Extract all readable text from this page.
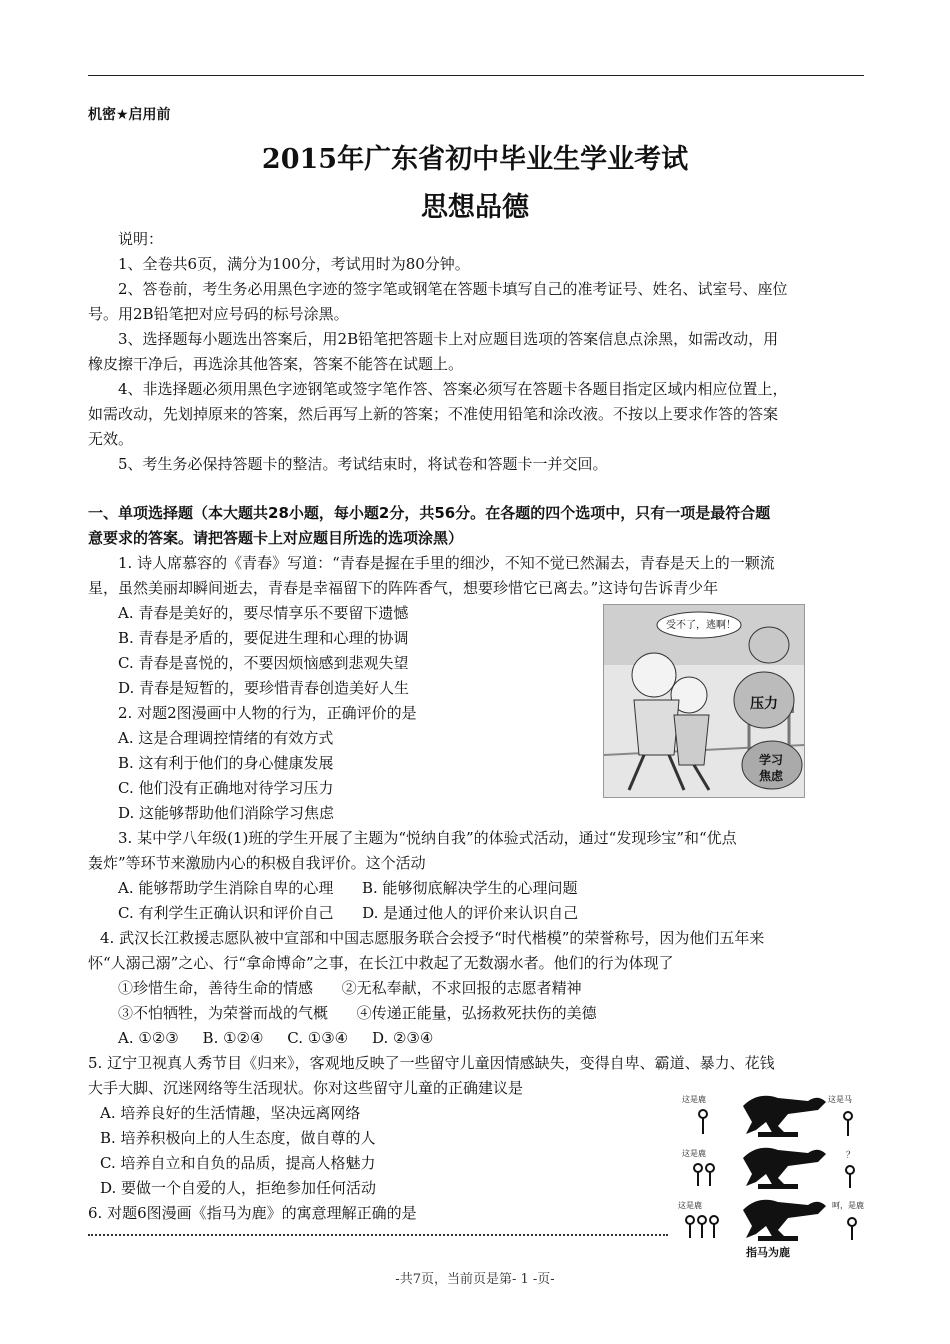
机密★启用前
2015年广东省初中毕业生学业考试
思想品德
说明：
1、全卷共6页，满分为100分，考试用时为80分钟。
2、答卷前，考生务必用黑色字迹的签字笔或钢笔在答题卡填写自己的准考证号、姓名、试室号、座位
号。用2B铅笔把对应号码的标号涂黑。
3、选择题每小题选出答案后，用2B铅笔把答题卡上对应题目选项的答案信息点涂黑，如需改动，用
橡皮擦干净后，再选涂其他答案，答案不能答在试题上。
4、非选择题必须用黑色字迹钢笔或签字笔作答、答案必须写在答题卡各题目指定区域内相应位置上，
如需改动，先划掉原来的答案，然后再写上新的答案；不准使用铅笔和涂改液。不按以上要求作答的答案
无效。
5、考生务必保持答题卡的整洁。考试结束时，将试卷和答题卡一并交回。
一、单项选择题（本大题共28小题，每小题2分，共56分。在各题的四个选项中，只有一项是最符合题
意要求的答案。请把答题卡上对应题目所选的选项涂黑）
1. 诗人席慕容的《青春》写道：“青春是握在手里的细沙，不知不觉已然漏去，青春是天上的一颗流
星，虽然美丽却瞬间逝去，青春是幸福留下的阵阵香气，想要珍惜它已离去。”这诗句告诉青少年
A. 青春是美好的，要尽情享乐不要留下遗憾
B. 青春是矛盾的，要促进生理和心理的协调
C. 青春是喜悦的，不要因烦恼感到悲观失望
D. 青春是短暂的，要珍惜青春创造美好人生
2. 对题2图漫画中人物的行为，正确评价的是
A. 这是合理调控情绪的有效方式
B. 这有利于他们的身心健康发展
C. 他们没有正确地对待学习压力
D. 这能够帮助他们消除学习焦虑
受不了，逃啊！
压力
学习
焦虑
3. 某中学八年级(1)班的学生开展了主题为“悦纳自我”的体验式活动，通过“发现珍宝”和“优点
轰炸”等环节来激励内心的积极自我评价。这个活动
A. 能够帮助学生消除自卑的心理      B. 能够彻底解决学生的心理问题
C. 有利学生正确认识和评价自己      D. 是通过他人的评价来认识自己
4. 武汉长江救援志愿队被中宣部和中国志愿服务联合会授予“时代楷模”的荣誉称号，因为他们五年来
怀“人溺己溺”之心、行“拿命博命”之事，在长江中救起了无数溺水者。他们的行为体现了
①珍惜生命，善待生命的情感      ②无私奉献，不求回报的志愿者精神
③不怕牺牲，为荣誉而战的气概      ④传递正能量，弘扬救死扶伤的美德
A. ①②③     B. ①②④     C. ①③④     D. ②③④
5. 辽宁卫视真人秀节目《归来》，客观地反映了一些留守儿童因情感缺失，变得自卑、霸道、暴力、花钱
大手大脚、沉迷网络等生活现状。你对这些留守儿童的正确建议是
A. 培养良好的生活情趣，坚决远离网络
B. 培养积极向上的人生态度，做自尊的人
C. 培养自立和自负的品质，提高人格魅力
D. 要做一个自爱的人，拒绝参加任何活动
6. 对题6图漫画《指马为鹿》的寓意理解正确的是
这是鹿	这是马
这是鹿	？
这是鹿	呵，是鹿
指马为鹿
-共7页，当前页是第- 1 -页-
